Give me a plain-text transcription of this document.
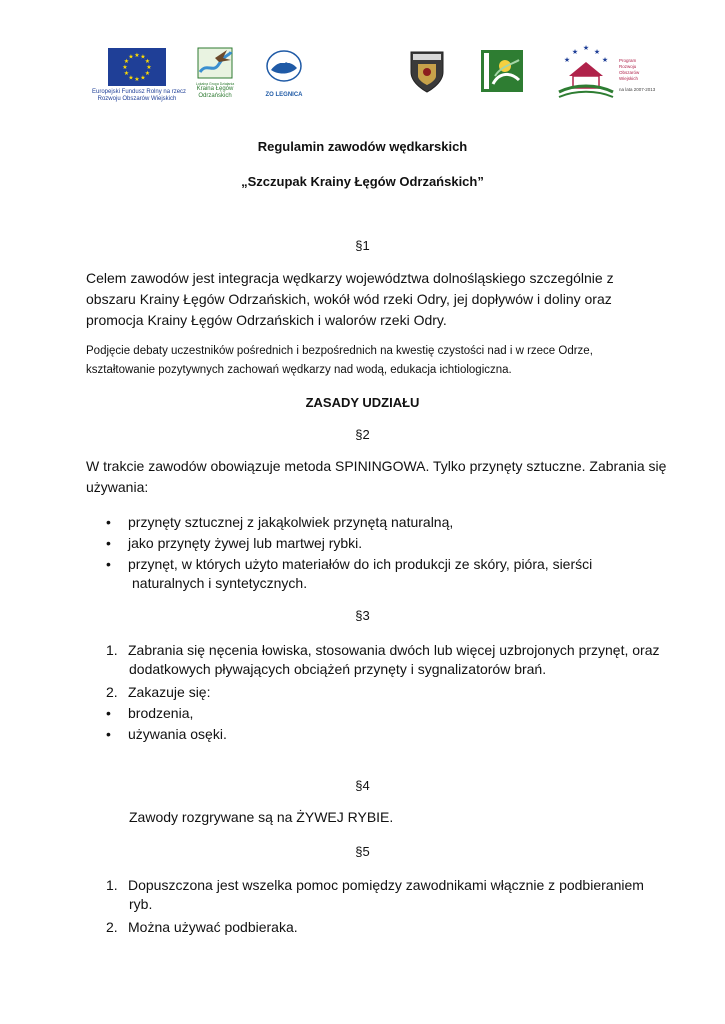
★ ★
★
★
★
★
★
★
★
★
★
★
Europejski Fundusz Rolny na rzecz
Rozwoju Obszarów Wiejskich
Lokalna Grupa Działania
Kraina Łęgów
Odrzańskich
PZW
ZO LEGNICA
★ ★
★
★
★	Program
Rozwoju
Obszarów
Wiejskich
na lata 2007-2013
Regulamin zawodów wędkarskich
„Szczupak Krainy Łęgów Odrzańskich”
§1
Celem zawodów jest integracja wędkarzy województwa dolnośląskiego szczególnie z
obszaru Krainy Łęgów Odrzańskich, wokół wód rzeki Odry, jej dopływów i doliny oraz
promocja Krainy Łęgów Odrzańskich i walorów rzeki Odry.
Podjęcie debaty uczestników pośrednich i bezpośrednich na kwestię czystości nad i w rzece Odrze,
kształtowanie pozytywnych zachowań wędkarzy nad wodą, edukacja ichtiologiczna.
ZASADY UDZIAŁU
§2
W trakcie zawodów obowiązuje metoda SPININGOWA. Tylko przynęty sztuczne. Zabrania się
używania:
• przynęty sztucznej z jakąkolwiek przynętą naturalną,
• jako przynęty żywej lub martwej rybki.
• przynęt, w których użyto materiałów do ich produkcji ze skóry, pióra, sierści
naturalnych i syntetycznych.
§3
1. Zabrania się nęcenia łowiska, stosowania dwóch lub więcej uzbrojonych przynęt, oraz
dodatkowych pływających obciążeń przynęty i sygnalizatorów brań.
2. Zakazuje się:
• brodzenia,
• używania osęki.
§4
Zawody rozgrywane są na ŻYWEJ RYBIE.
§5
1. Dopuszczona jest wszelka pomoc pomiędzy zawodnikami włącznie z podbieraniem
ryb.
2. Można używać podbieraka.
